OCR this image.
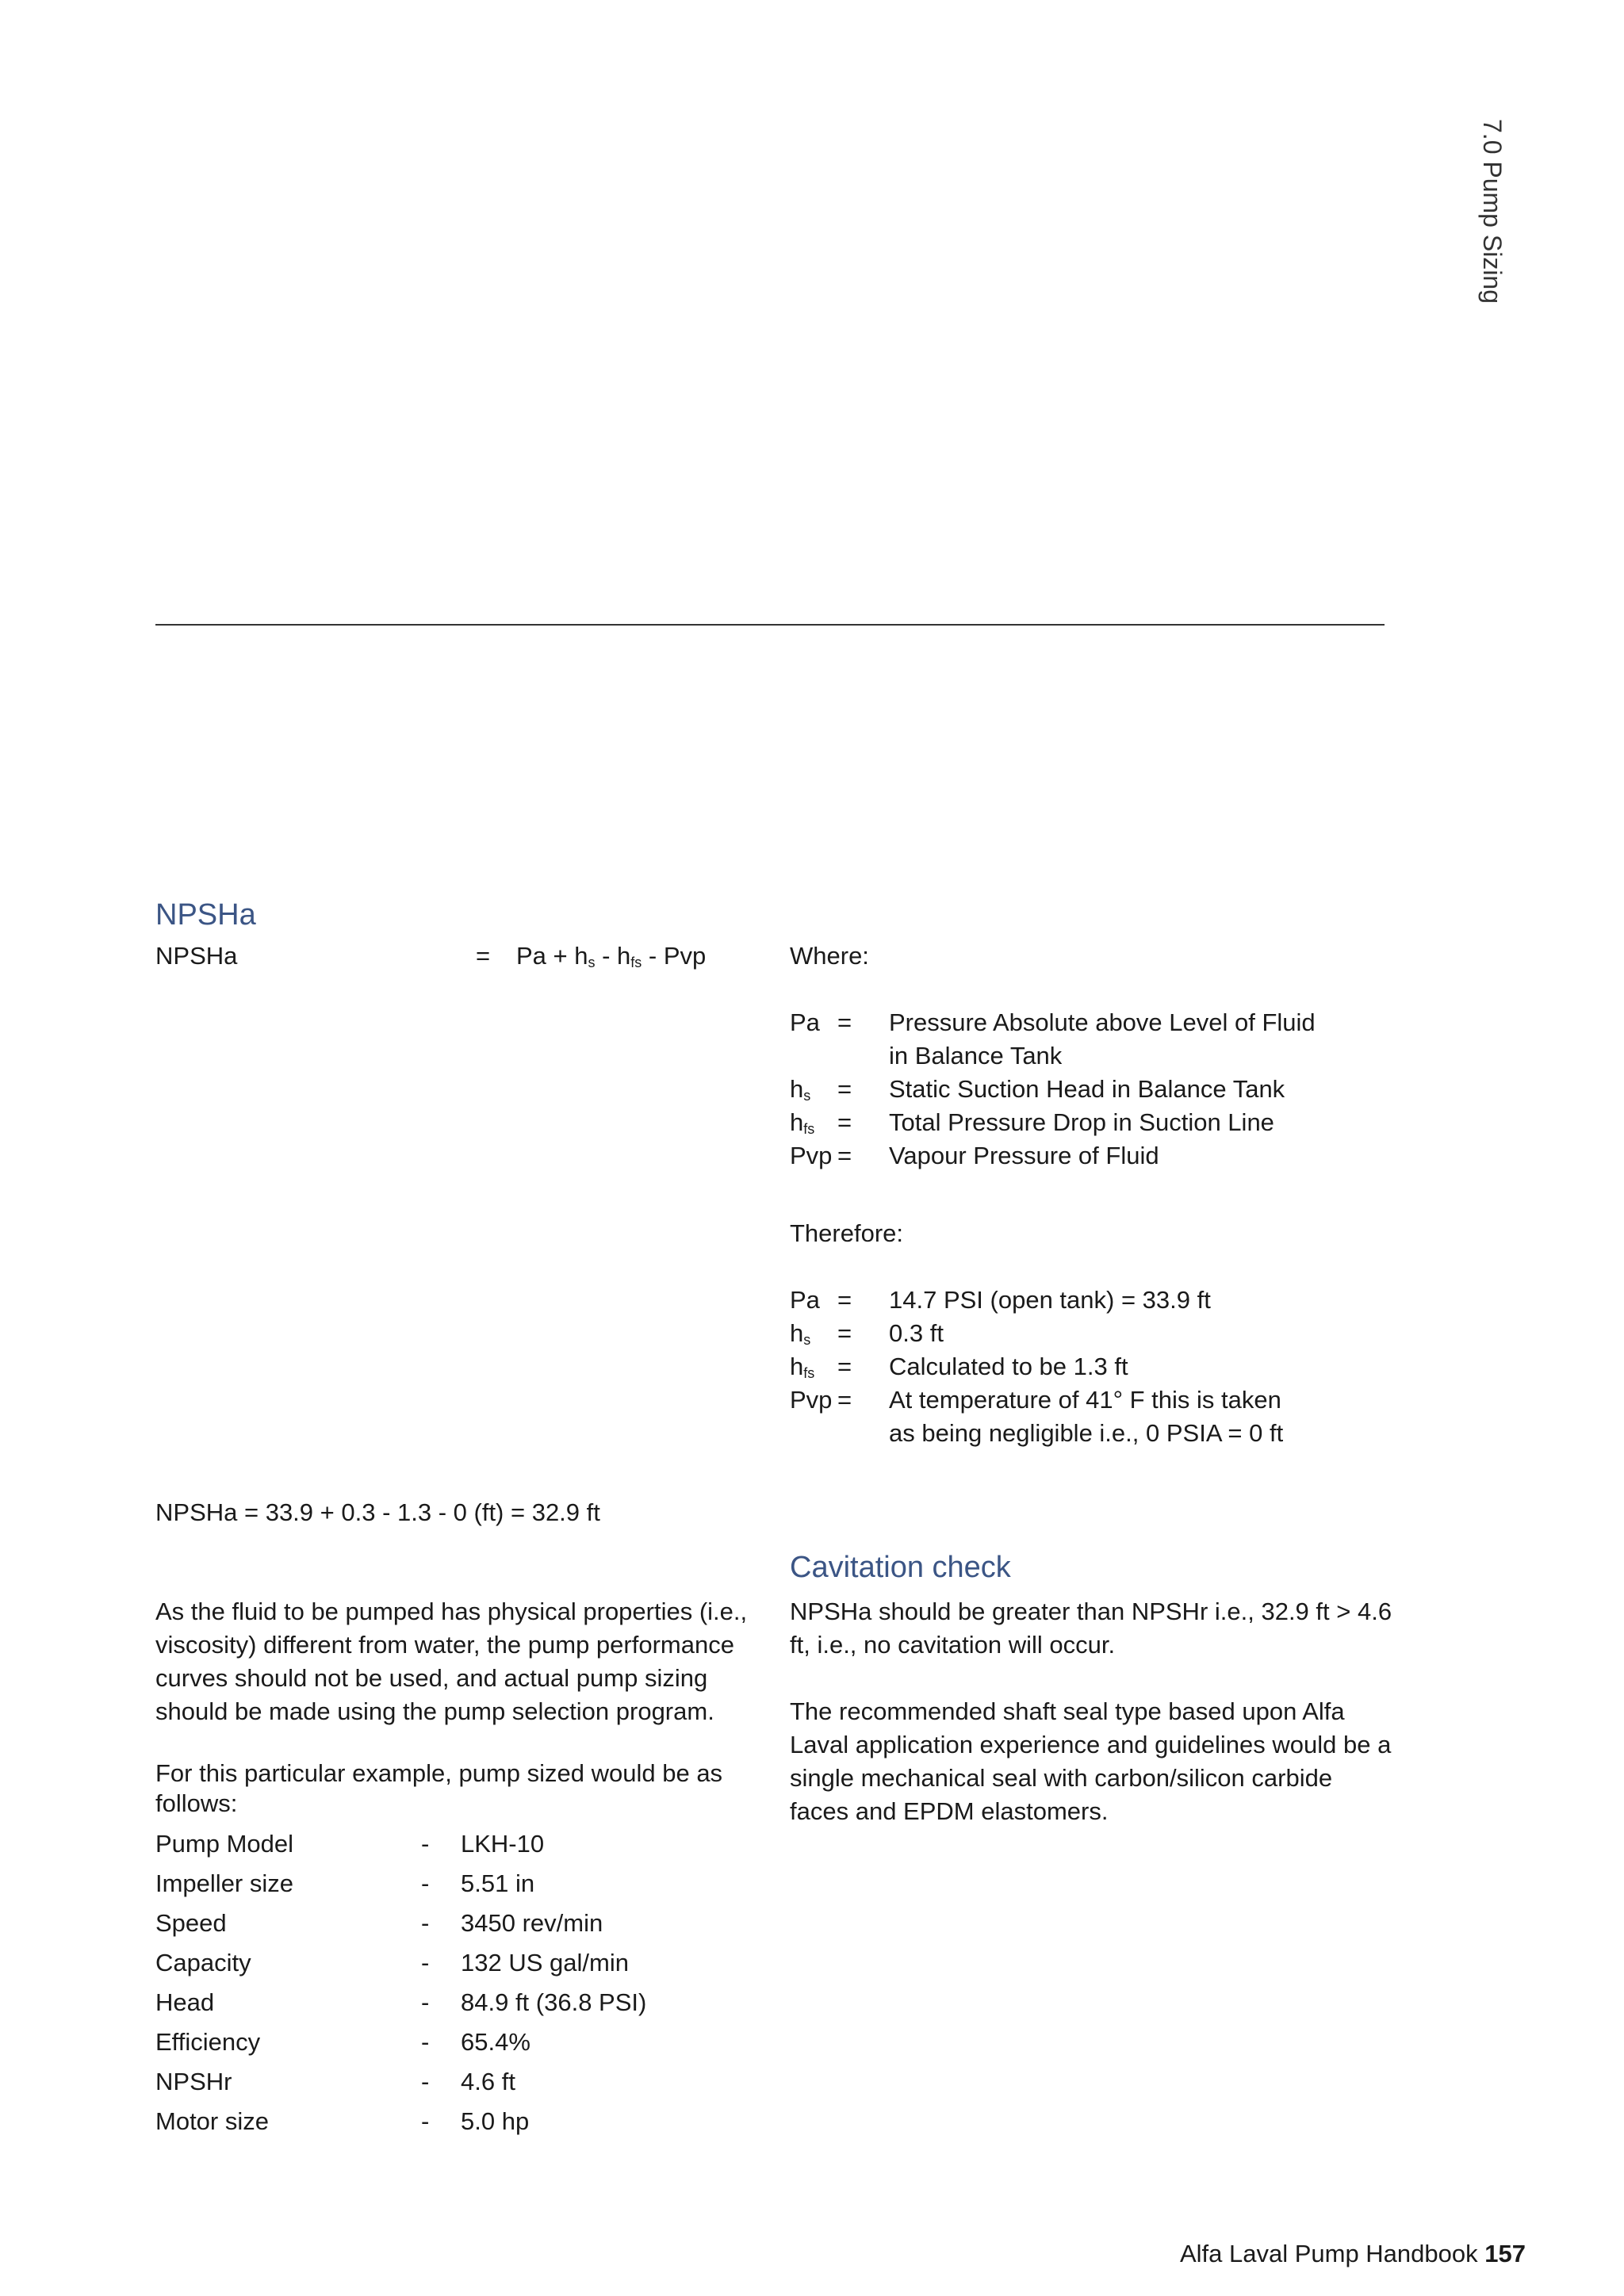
7.0 Pump Sizing
NPSHa
NPSHa	= $Pa + h_s - h_{fs}$ - Pvp	Where:
Pa = Pressure Absolute above Level of Fluid
in Balance Tank
$h_s$	= Static Suction Head in Balance Tank
$h_{fs}$ = Total Pressure Drop in Suction Line
Pvp = Vapour Pressure of Fluid
Therefore:
Pa = 14.7 PSI (open tank) = 33.9 ft
$h_s$	= 0.3 ft
$h_{fs}$ = Calculated to be 1.3 ft
Pvp = At temperature of 41° F this is taken
as being negligible i.e., 0 PSIA = 0 ft
NPSHa = 33.9 + 0.3 - 1.3 - 0 (ft) = 32.9 ft
Cavitation check
As the fluid to be pumped has physical properties (i.e., viscosity) different from water, the pump performance curves should not be used, and actual pump sizing should be made using the pump selection program.
NPSHa should be greater than NPSHr i.e., 32.9 ft > 4.6 ft, i.e., no cavitation will occur.
The recommended shaft seal type based upon Alfa Laval application experience and guidelines would be a single mechanical seal with carbon/silicon carbide faces and EPDM elastomers.
For this particular example, pump sized would be as follows:
Pump Model	- LKH-10
Impeller size	- 5.51 in
Speed	- 3450 rev/min
Capacity	- 132 US gal/min
Head	- 84.9 ft (36.8 PSI)
Efficiency	- 65.4%
NPSHr	- 4.6 ft
Motor size	- 5.0 hp
Alfa Laval Pump Handbook 157
